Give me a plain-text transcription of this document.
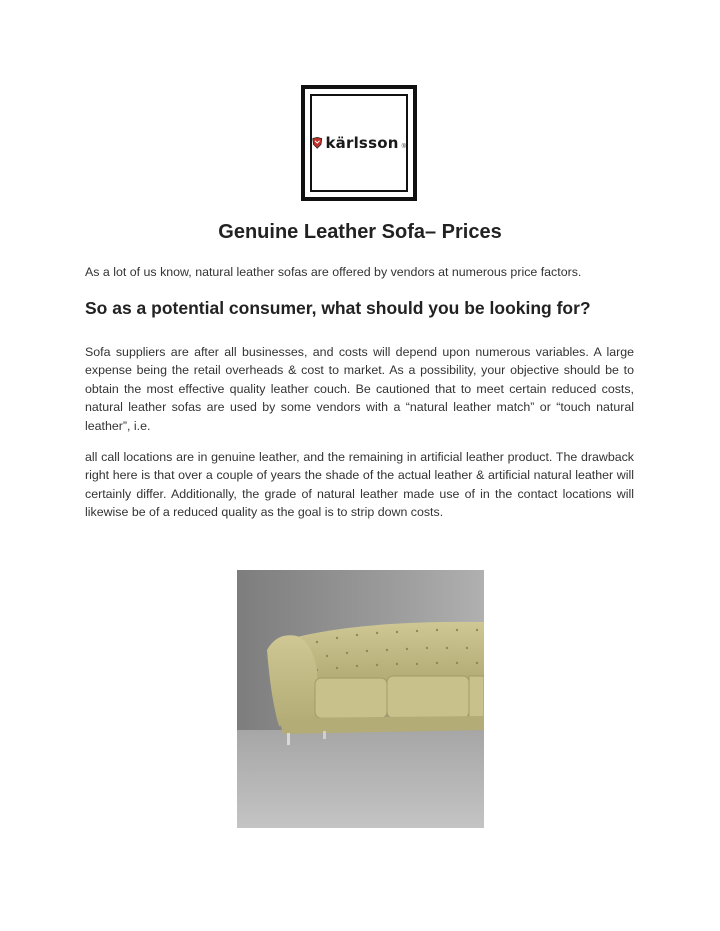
kärlsson ®
Genuine Leather Sofa– Prices

As a lot of us know, natural leather sofas are offered by vendors at numerous price factors.

So as a potential consumer, what should you be looking for?

Sofa suppliers are after all businesses, and costs will depend upon numerous variables. A large expense being the retail overheads & cost to market. As a possibility, your objective should be to obtain the most effective quality leather couch. Be cautioned that to meet certain reduced costs, natural leather sofas are used by some vendors with a “natural leather match” or “touch natural leather”, i.e.

all call locations are in genuine leather, and the remaining in artificial leather product. The drawback right here is that over a couple of years the shade of the actual leather & artificial natural leather will certainly differ. Additionally, the grade of natural leather made use of in the contact locations will likewise be of a reduced quality as the goal is to strip down costs.
